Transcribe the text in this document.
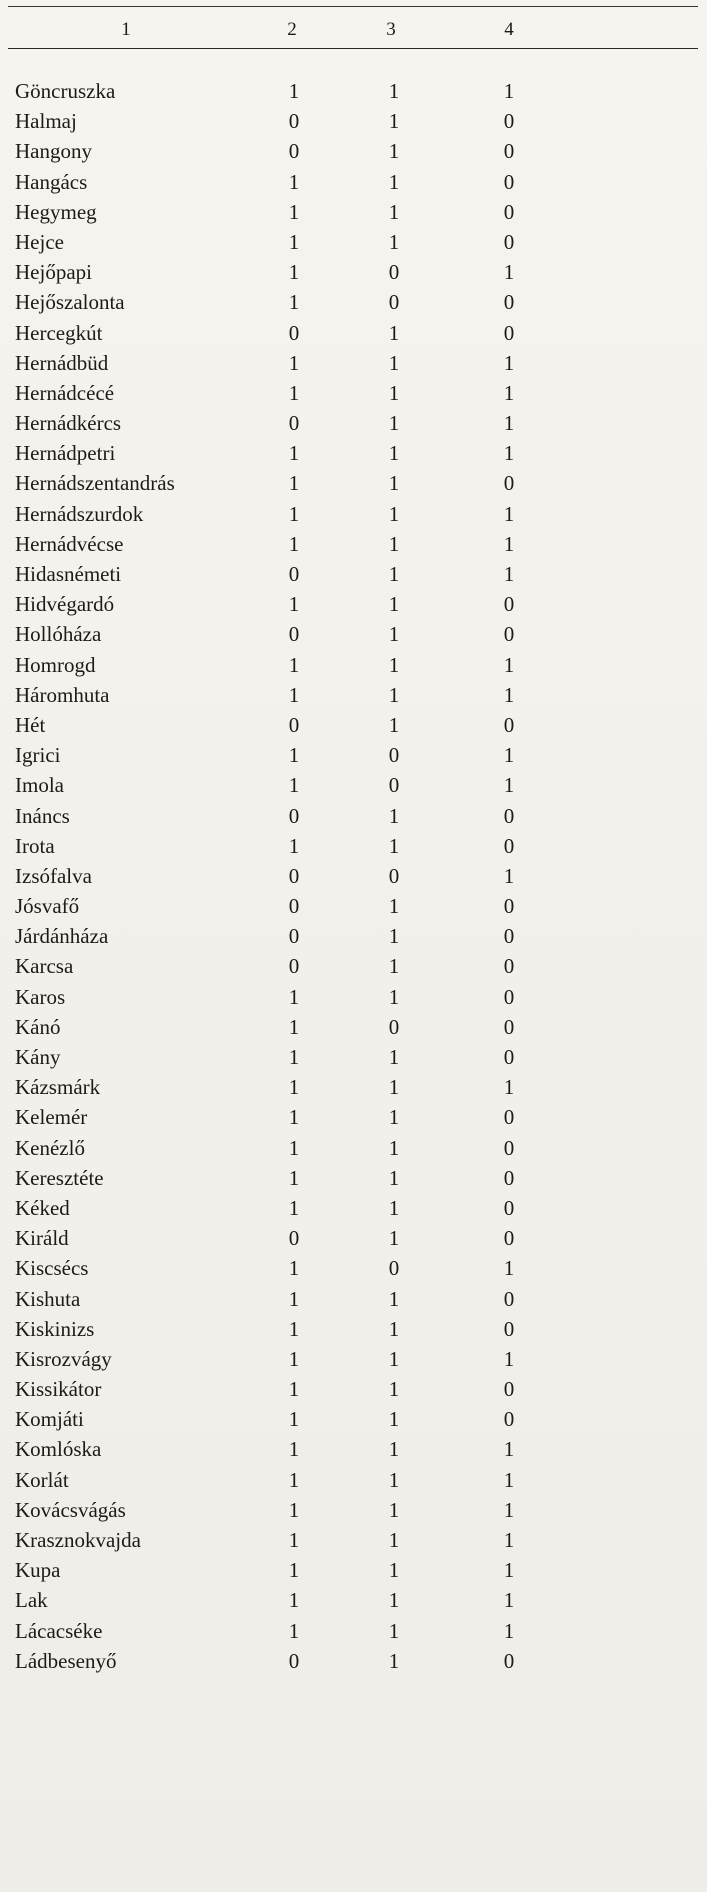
1	2	3	4
Göncruszka	1	1	1
Halmaj	0	1	0
Hangony	0	1	0
Hangács	1	1	0
Hegymeg	1	1	0
Hejce	1	1	0
Hejőpapi	1	0	1
Hejőszalonta	1	0	0
Hercegkút	0	1	0
Hernádbüd	1	1	1
Hernádcécé	1	1	1
Hernádkércs	0	1	1
Hernádpetri	1	1	1
Hernádszentandrás	1	1	0
Hernádszurdok	1	1	1
Hernádvécse	1	1	1
Hidasnémeti	0	1	1
Hidvégardó	1	1	0
Hollóháza	0	1	0
Homrogd	1	1	1
Háromhuta	1	1	1
Hét	0	1	0
Igrici	1	0	1
Imola	1	0	1
Ináncs	0	1	0
Irota	1	1	0
Izsófalva	0	0	1
Jósvafő	0	1	0
Járdánháza	0	1	0
Karcsa	0	1	0
Karos	1	1	0
Kánó	1	0	0
Kány	1	1	0
Kázsmárk	1	1	1
Kelemér	1	1	0
Kenézlő	1	1	0
Keresztéte	1	1	0
Kéked	1	1	0
Királd	0	1	0
Kiscsécs	1	0	1
Kishuta	1	1	0
Kiskinizs	1	1	0
Kisrozvágy	1	1	1
Kissikátor	1	1	0
Komjáti	1	1	0
Komlóska	1	1	1
Korlát	1	1	1
Kovácsvágás	1	1	1
Krasznokvajda	1	1	1
Kupa	1	1	1
Lak	1	1	1
Lácacséke	1	1	1
Ládbesenyő	0	1	0
